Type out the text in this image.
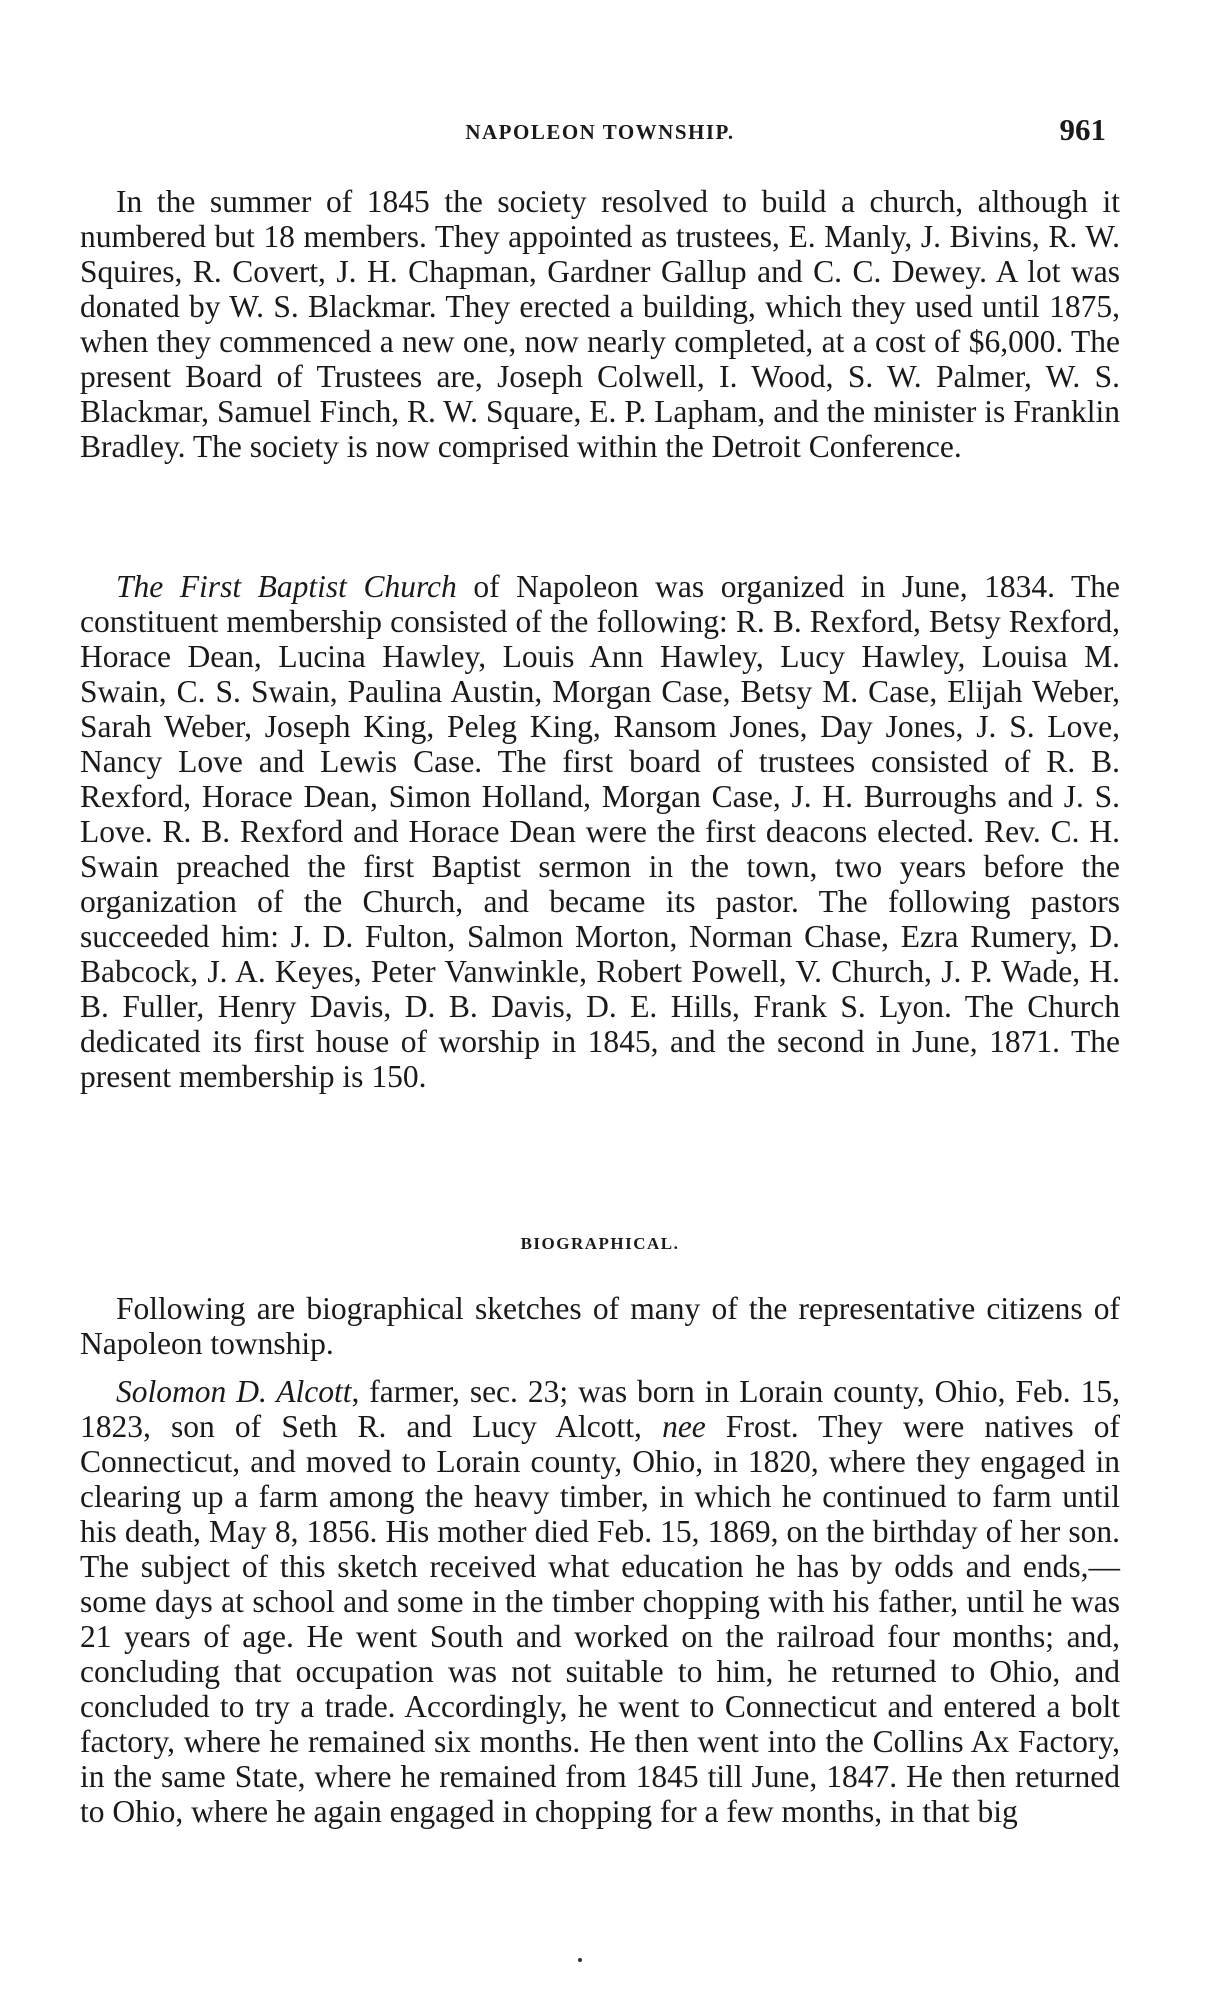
NAPOLEON TOWNSHIP.	961

In the summer of 1845 the society resolved to build a church, although it numbered but 18 members. They appointed as trustees, E. Manly, J. Bivins, R. W. Squires, R. Covert, J. H. Chapman, Gardner Gallup and C. C. Dewey. A lot was donated by W. S. Blackmar. They erected a building, which they used until 1875, when they commenced a new one, now nearly completed, at a cost of $6,000. The present Board of Trustees are, Joseph Colwell, I. Wood, S. W. Palmer, W. S. Blackmar, Samuel Finch, R. W. Square, E. P. Lapham, and the minister is Franklin Bradley. The society is now comprised within the Detroit Conference.

The First Baptist Church of Napoleon was organized in June, 1834. The constituent membership consisted of the following: R. B. Rexford, Betsy Rexford, Horace Dean, Lucina Hawley, Louis Ann Hawley, Lucy Hawley, Louisa M. Swain, C. S. Swain, Paulina Austin, Morgan Case, Betsy M. Case, Elijah Weber, Sarah Weber, Joseph King, Peleg King, Ransom Jones, Day Jones, J. S. Love, Nancy Love and Lewis Case. The first board of trustees consisted of R. B. Rexford, Horace Dean, Simon Holland, Morgan Case, J. H. Burroughs and J. S. Love. R. B. Rexford and Horace Dean were the first deacons elected. Rev. C. H. Swain preached the first Baptist sermon in the town, two years before the organization of the Church, and became its pastor. The following pastors succeeded him: J. D. Fulton, Salmon Morton, Norman Chase, Ezra Rumery, D. Babcock, J. A. Keyes, Peter Vanwinkle, Robert Powell, V. Church, J. P. Wade, H. B. Fuller, Henry Davis, D. B. Davis, D. E. Hills, Frank S. Lyon. The Church dedicated its first house of worship in 1845, and the second in June, 1871. The present membership is 150.

BIOGRAPHICAL.

Following are biographical sketches of many of the representative citizens of Napoleon township.

Solomon D. Alcott, farmer, sec. 23; was born in Lorain county, Ohio, Feb. 15, 1823, son of Seth R. and Lucy Alcott, nee Frost. They were natives of Connecticut, and moved to Lorain county, Ohio, in 1820, where they engaged in clearing up a farm among the heavy timber, in which he continued to farm until his death, May 8, 1856. His mother died Feb. 15, 1869, on the birthday of her son. The subject of this sketch received what education he has by odds and ends,—some days at school and some in the timber chopping with his father, until he was 21 years of age. He went South and worked on the railroad four months; and, concluding that occupation was not suitable to him, he returned to Ohio, and concluded to try a trade. Accordingly, he went to Connecticut and entered a bolt factory, where he remained six months. He then went into the Collins Ax Factory, in the same State, where he remained from 1845 till June, 1847. He then returned to Ohio, where he again engaged in chopping for a few months, in that big
